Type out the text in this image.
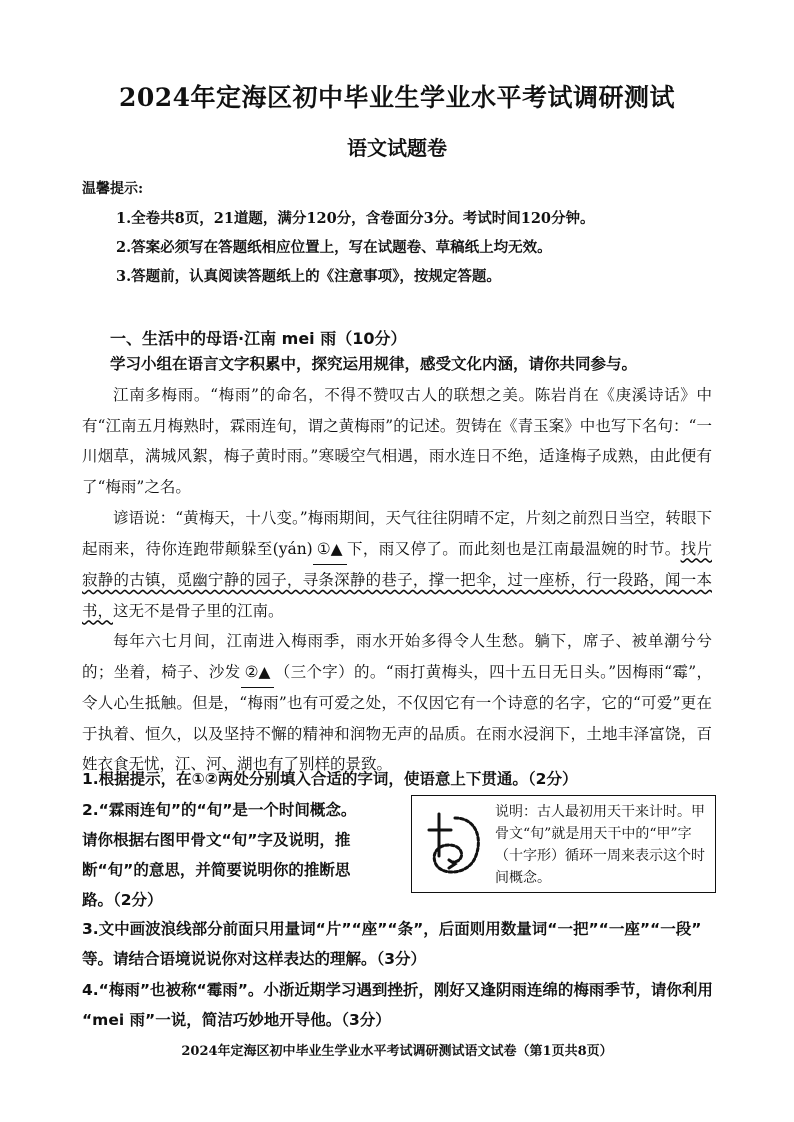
2024年定海区初中毕业生学业水平考试调研测试
语文试题卷
温馨提示:
1.全卷共8页，21道题，满分120分，含卷面分3分。考试时间120分钟。
2.答案必须写在答题纸相应位置上，写在试题卷、草稿纸上均无效。
3.答题前，认真阅读答题纸上的《注意事项》，按规定答题。
一、生活中的母语·江南 mei 雨（10分）
学习小组在语言文字积累中，探究运用规律，感受文化内涵，请你共同参与。
江南多梅雨。“梅雨”的命名，不得不赞叹古人的联想之美。陈岩肖在《庚溪诗话》中有“江南五月梅熟时，霖雨连旬，谓之黄梅雨”的记述。贺铸在《青玉案》中也写下名句：“一川烟草，满城风絮，梅子黄时雨。”寒暖空气相遇，雨水连日不绝，适逢梅子成熟，由此便有了“梅雨”之名。
谚语说：“黄梅天，十八变。”梅雨期间，天气往往阴晴不定，片刻之前烈日当空，转眼下起雨来，待你连跑带颠躲至(yán) ①▲ 下，雨又停了。而此刻也是江南最温婉的时节。找片寂静的古镇，觅幽宁静的园子，寻条深静的巷子，撑一把伞，过一座桥，行一段路，闻一本书，这无不是骨子里的江南。
每年六七月间，江南进入梅雨季，雨水开始多得令人生愁。躺下，席子、被单潮兮兮的；坐着，椅子、沙发 ②▲ （三个字）的。“雨打黄梅头，四十五日无日头。”因梅雨“霉”，令人心生抵触。但是，“梅雨”也有可爱之处，不仅因它有一个诗意的名字，它的“可爱”更在于执着、恒久，以及坚持不懈的精神和润物无声的品质。在雨水浸润下，土地丰泽富饶，百姓衣食无忧，江、河、湖也有了别样的景致。
1.根据提示，在①②两处分别填入合适的字词，使语意上下贯通。（2分）
2.“霖雨连旬”的“旬”是一个时间概念。
请你根据右图甲骨文“旬”字及说明，推
断“旬”的意思，并简要说明你的推断思
路。（2分）
说明：古人最初用天干来计时。甲骨文“旬”就是用天干中的“甲”字（十字形）循环一周来表示这个时间概念。
3.文中画波浪线部分前面只用量词“片”“座”“条”，后面则用数量词“一把”“一座”“一段”
等。请结合语境说说你对这样表达的理解。（3分）
4.“梅雨”也被称“霉雨”。小浙近期学习遇到挫折，刚好又逢阴雨连绵的梅雨季节，请你利用
“mei 雨”一说，简洁巧妙地开导他。（3分）
2024年定海区初中毕业生学业水平考试调研测试语文试卷（第1页共8页）
